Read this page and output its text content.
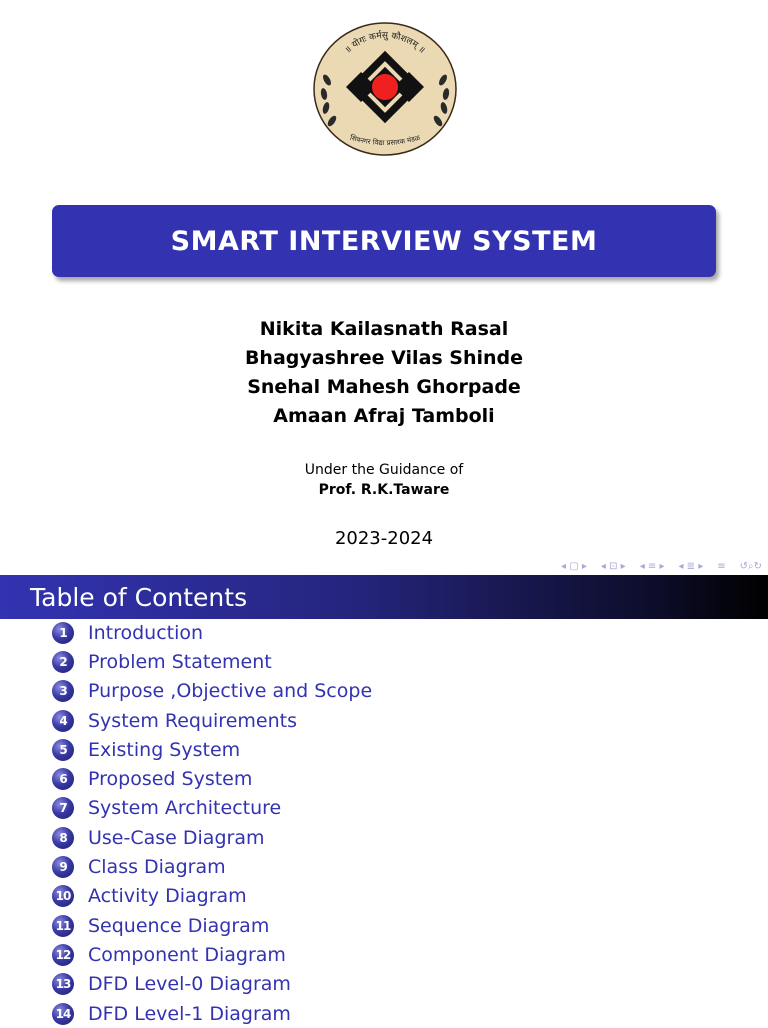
॥ योगः कर्मसु कौशलम् ॥
शिवनगर विद्या प्रसारक मंडळ
SMART INTERVIEW SYSTEM
Nikita Kailasnath Rasal
Bhagyashree Vilas Shinde
Snehal Mahesh Ghorpade
Amaan Afraj Tamboli
Under the Guidance of
Prof. R.K.Taware
2023-2024
◂ ▢ ▸ ◂ ⊡ ▸ ◂ ≡ ▸ ◂ ≣ ▸ ≡ ↺⌕↻
Table of Contents
1	Introduction
2	Problem Statement
3	Purpose ,Objective and Scope
4	System Requirements
5	Existing System
6	Proposed System
7	System Architecture
8	Use-Case Diagram
9	Class Diagram
10 Activity Diagram
11 Sequence Diagram
12 Component Diagram
13 DFD Level-0 Diagram
14 DFD Level-1 Diagram
